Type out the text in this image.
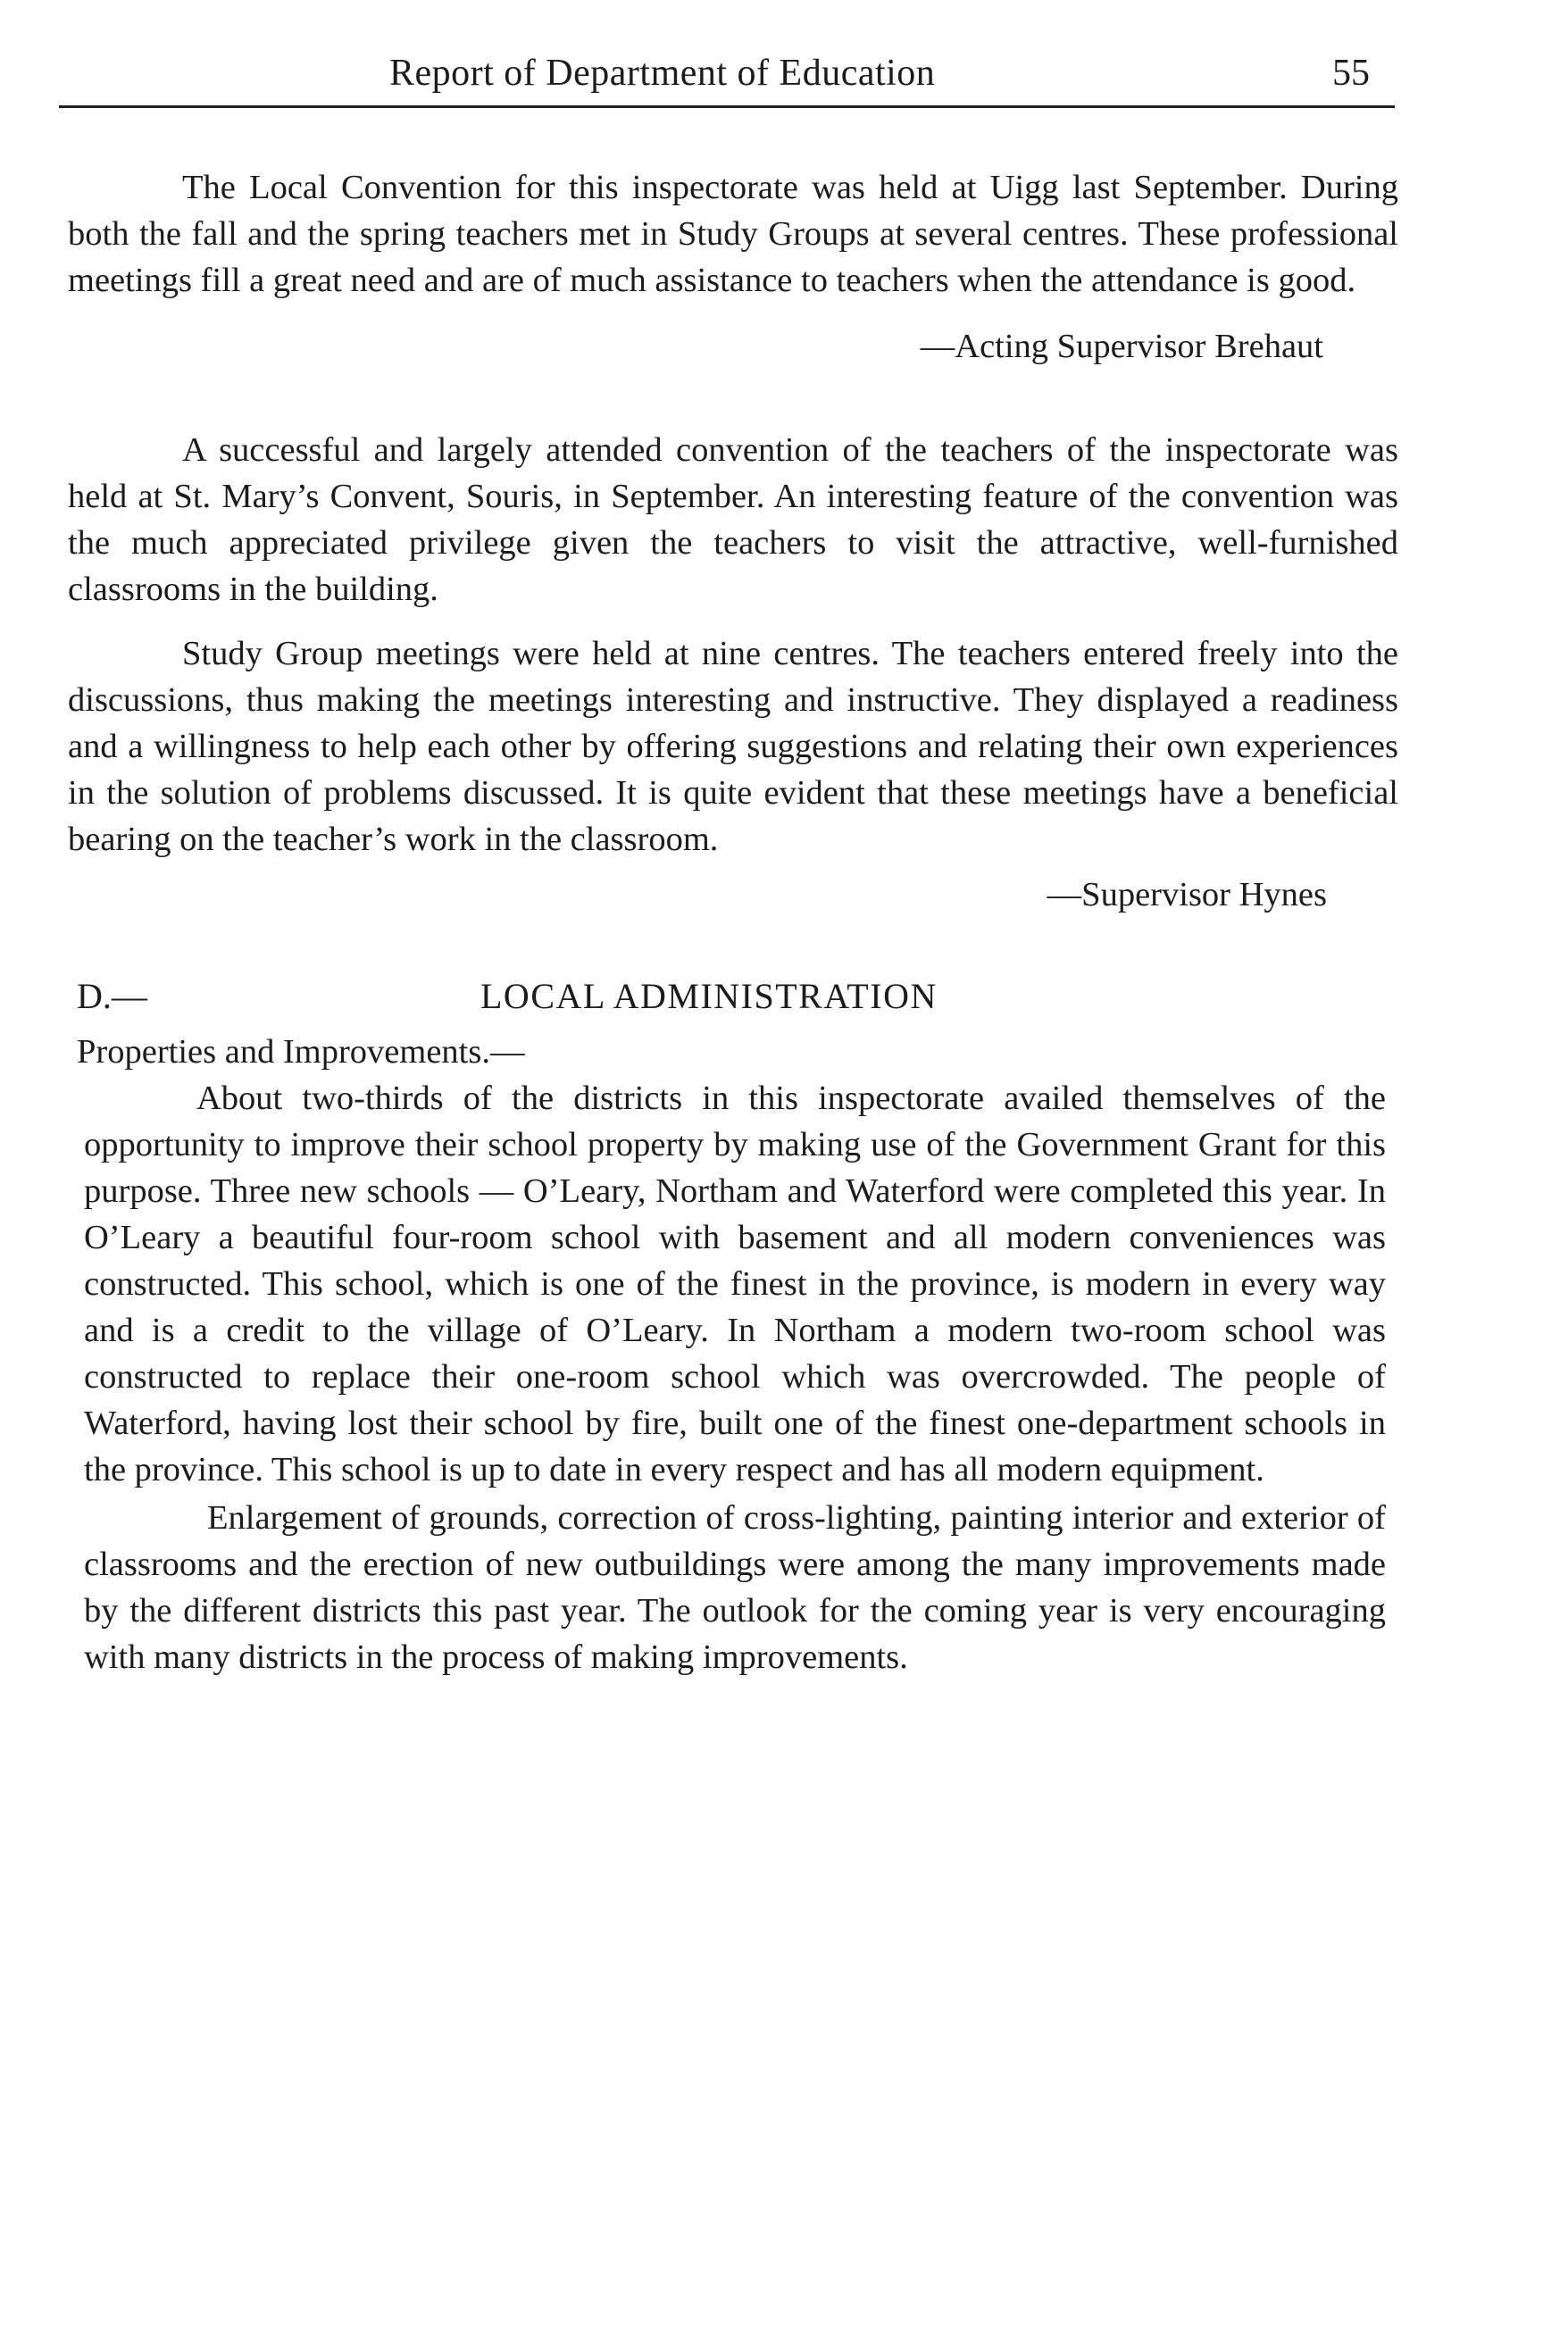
Report of Department of Education	55

The Local Convention for this inspectorate was held at Uigg last September. During both the fall and the spring teachers met in Study Groups at several centres. These professional meetings fill a great need and are of much assistance to teachers when the attendance is good.

—Acting Supervisor Brehaut

A successful and largely attended convention of the teachers of the inspectorate was held at St. Mary’s Convent, Souris, in September. An interesting feature of the convention was the much appreciated privilege given the teachers to visit the attractive, well-furnished classrooms in the building.

Study Group meetings were held at nine centres. The teachers entered freely into the discussions, thus making the meetings interesting and instructive. They displayed a readiness and a willingness to help each other by offering suggestions and relating their own experiences in the solution of problems discussed. It is quite evident that these meetings have a beneficial bearing on the teacher’s work in the classroom.

—Supervisor Hynes
D.—	LOCAL ADMINISTRATION
Properties and Improvements.—

About two-thirds of the districts in this inspectorate availed themselves of the opportunity to improve their school property by making use of the Government Grant for this purpose. Three new schools — O’Leary, Northam and Waterford were completed this year. In O’Leary a beautiful four-room school with basement and all modern conveniences was constructed. This school, which is one of the finest in the province, is modern in every way and is a credit to the village of O’Leary. In Northam a modern two-room school was constructed to replace their one-room school which was overcrowded. The people of Waterford, having lost their school by fire, built one of the finest one-department schools in the province. This school is up to date in every respect and has all modern equipment.

Enlargement of grounds, correction of cross-lighting, painting interior and exterior of classrooms and the erection of new outbuildings were among the many improvements made by the different districts this past year. The outlook for the coming year is very encouraging with many districts in the process of making improvements.
